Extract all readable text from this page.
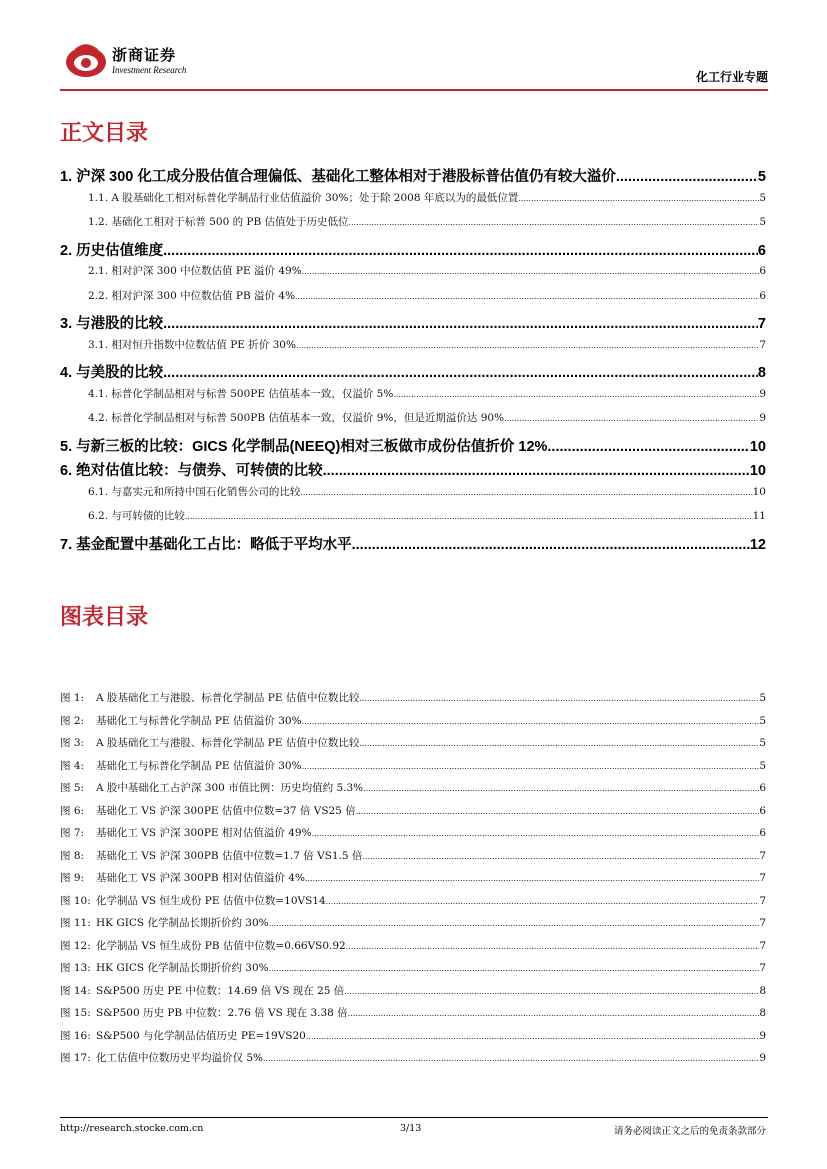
浙商证券
Investment Research	化工行业专题
正文目录
1. 沪深 300 化工成分股估值合理偏低、基础化工整体相对于港股标普估值仍有较大溢价 .....	5
1.1. A 股基础化工相对标普化学制品行业估值溢价 30%；处于除 2008 年底以为的最低位置 .....	5
1.2. 基础化工相对于标普 500 的 PB 估值处于历史低位 .....	5
2. 历史估值维度 .....	6
2.1. 相对沪深 300 中位数估值 PE 溢价 49% .....	6
2.2. 相对沪深 300 中位数估值 PB 溢价 4% .....	6
3. 与港股的比较 .....	7
3.1. 相对恒升指数中位数估值 PE 折价 30% .....	7
4. 与美股的比较 .....	8
4.1. 标普化学制品相对与标普 500PE 估值基本一致，仅溢价 5% .....	9
4.2. 标普化学制品相对与标普 500PB 估值基本一致，仅溢价 9%，但是近期溢价达 90% .....	9
5. 与新三板的比较：GICS 化学制品(NEEQ)相对三板做市成份估值折价 12% .....	10
6. 绝对估值比较：与债券、可转债的比较 .....	10
6.1. 与嘉实元和所持中国石化销售公司的比较 .....	10
6.2. 与可转债的比较 .....	11
7. 基金配置中基础化工占比：略低于平均水平 .....	12
图表目录
图 1:	A 股基础化工与港股、标普化学制品 PE 估值中位数比较 .....	5
图 2:	基础化工与标普化学制品 PE 估值溢价 30% .....	5
图 3:	A 股基础化工与港股、标普化学制品 PE 估值中位数比较 .....	5
图 4:	基础化工与标普化学制品 PE 估值溢价 30% .....	5
图 5:	A 股中基础化工占沪深 300 市值比例：历史均值约 5.3% .....	6
图 6:	基础化工 VS 沪深 300PE 估值中位数=37 倍 VS25 倍 .....	6
图 7:	基础化工 VS 沪深 300PE 相对估值溢价 49% .....	6
图 8:	基础化工 VS 沪深 300PB 估值中位数=1.7 倍 VS1.5 倍 .....	7
图 9:	基础化工 VS 沪深 300PB 相对估值溢价 4% .....	7
图 10: 化学制品 VS 恒生成份 PE 估值中位数=10VS14 .....	7
图 11: HK GICS 化学制品长期折价约 30% .....	7
图 12: 化学制品 VS 恒生成份 PB 估值中位数=0.66VS0.92 .....	7
图 13: HK GICS 化学制品长期折价约 30% .....	7
图 14: S&P500 历史 PE 中位数：14.69 倍 VS 现在 25 倍 .....	8
图 15: S&P500 历史 PB 中位数：2.76 倍 VS 现在 3.38 倍 .....	8
图 16: S&P500 与化学制品估值历史 PE=19VS20 .....	9
图 17: 化工估值中位数历史平均溢价仅 5% .....	9
http://research.stocke.com.cn	3/13	请务必阅读正文之后的免责条款部分
